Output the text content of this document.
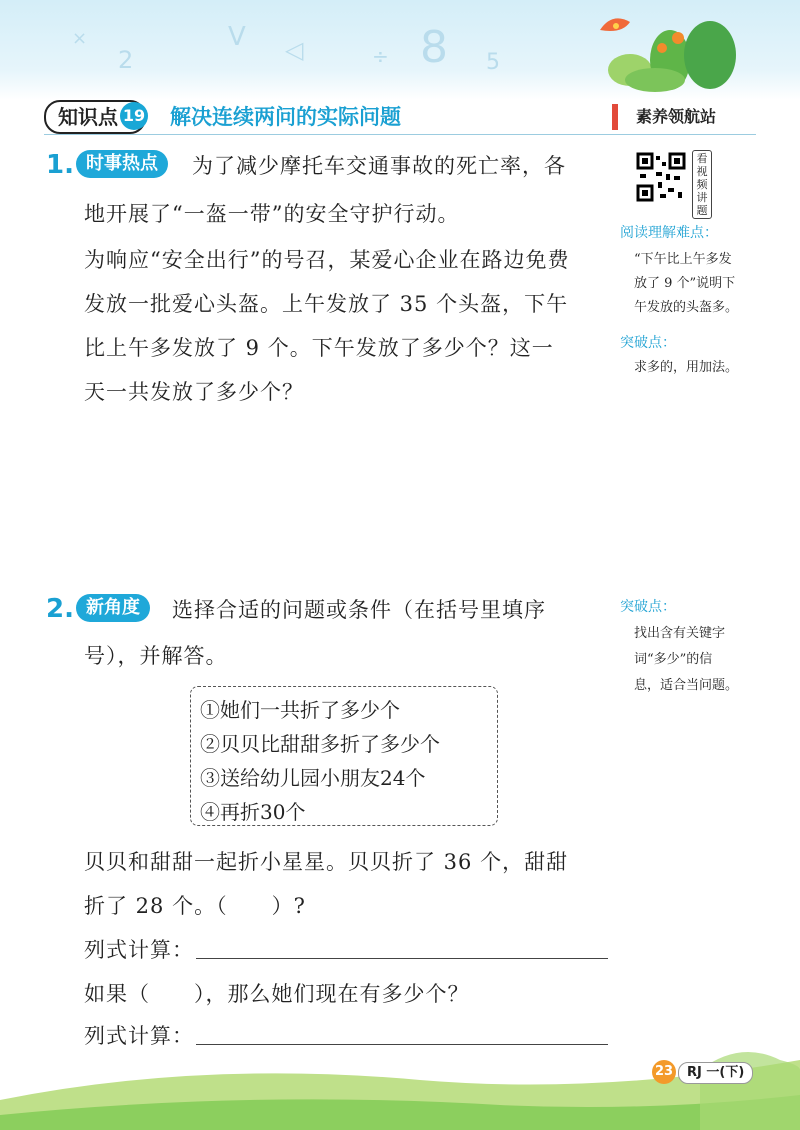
×
2
V ◁	÷ 8 5
知识点 19 解决连续两问的实际问题	素养领航站
1. 时事热点	为了减少摩托车交通事故的死亡率，各
地开展了“一盔一带”的安全守护行动。
为响应“安全出行”的号召，某爱心企业在路边免费
发放一批爱心头盔。上午发放了 35 个头盔，下午
比上午多发放了 9 个。下午发放了多少个？这一
天一共发放了多少个？
看视频讲题
阅读理解难点：
“下午比上午多发
放了 9 个”说明下
午发放的头盔多。
突破点：
求多的，用加法。
2. 新角度	选择合适的问题或条件（在括号里填序
号），并解答。
①她们一共折了多少个
②贝贝比甜甜多折了多少个
③送给幼儿园小朋友24个
④再折30个
贝贝和甜甜一起折小星星。贝贝折了 36 个，甜甜
折了 28 个。（　　）?
列式计算：
如果（　　），那么她们现在有多少个？
列式计算：
突破点：
找出含有关键字
词“多少”的信
息，适合当问题。
23	RJ 一(下)
